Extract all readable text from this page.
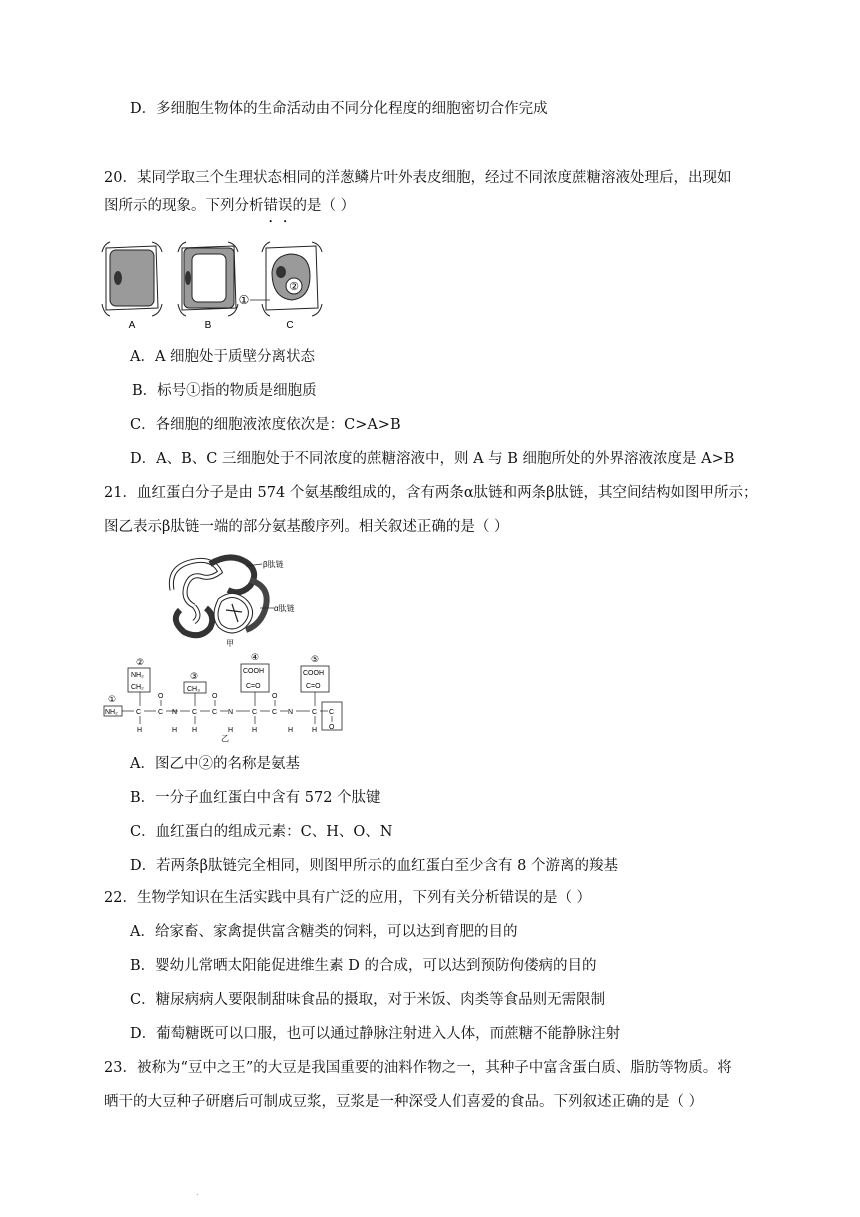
D．多细胞生物体的生命活动由不同分化程度的细胞密切合作完成
20．某同学取三个生理状态相同的洋葱鳞片叶外表皮细胞，经过不同浓度蔗糖溶液处理后，出现如
图所示的现象。下列分析错误的是（ ）
A	B
①
②
C
A．A 细胞处于质壁分离状态
B．标号①指的物质是细胞质
C．各细胞的细胞液浓度依次是：C>A>B
D．A、B、C 三细胞处于不同浓度的蔗糖溶液中，则 A 与 B 细胞所处的外界溶液浓度是 A>B
21．血红蛋白分子是由 574 个氨基酸组成的，含有两条α肽链和两条β肽链，其空间结构如图甲所示；
图乙表示β肽链一端的部分氨基酸序列。相关叙述正确的是（ ）
β肽链
α肽链
甲
②
③
④	⑤
①
NH₂
CH₂	CH₃
COOH
C=O
COOH
C=O
NH₂	C
H
C
O
N
H
C
H
C
O
N
H
C
H
C
O
N
H
C
H
C
O
乙
A．图乙中②的名称是氨基
B．一分子血红蛋白中含有 572 个肽键
C．血红蛋白的组成元素：C、H、O、N
D．若两条β肽链完全相同，则图甲所示的血红蛋白至少含有 8 个游离的羧基
22．生物学知识在生活实践中具有广泛的应用，下列有关分析错误的是（ ）
A．给家畜、家禽提供富含糖类的饲料，可以达到育肥的目的
B．婴幼儿常晒太阳能促进维生素 D 的合成，可以达到预防佝偻病的目的
C．糖尿病病人要限制甜味食品的摄取，对于米饭、肉类等食品则无需限制
D．葡萄糖既可以口服，也可以通过静脉注射进入人体，而蔗糖不能静脉注射
23．被称为“豆中之王”的大豆是我国重要的油料作物之一，其种子中富含蛋白质、脂肪等物质。将
晒干的大豆种子研磨后可制成豆浆，豆浆是一种深受人们喜爱的食品。下列叙述正确的是（ ）
.
